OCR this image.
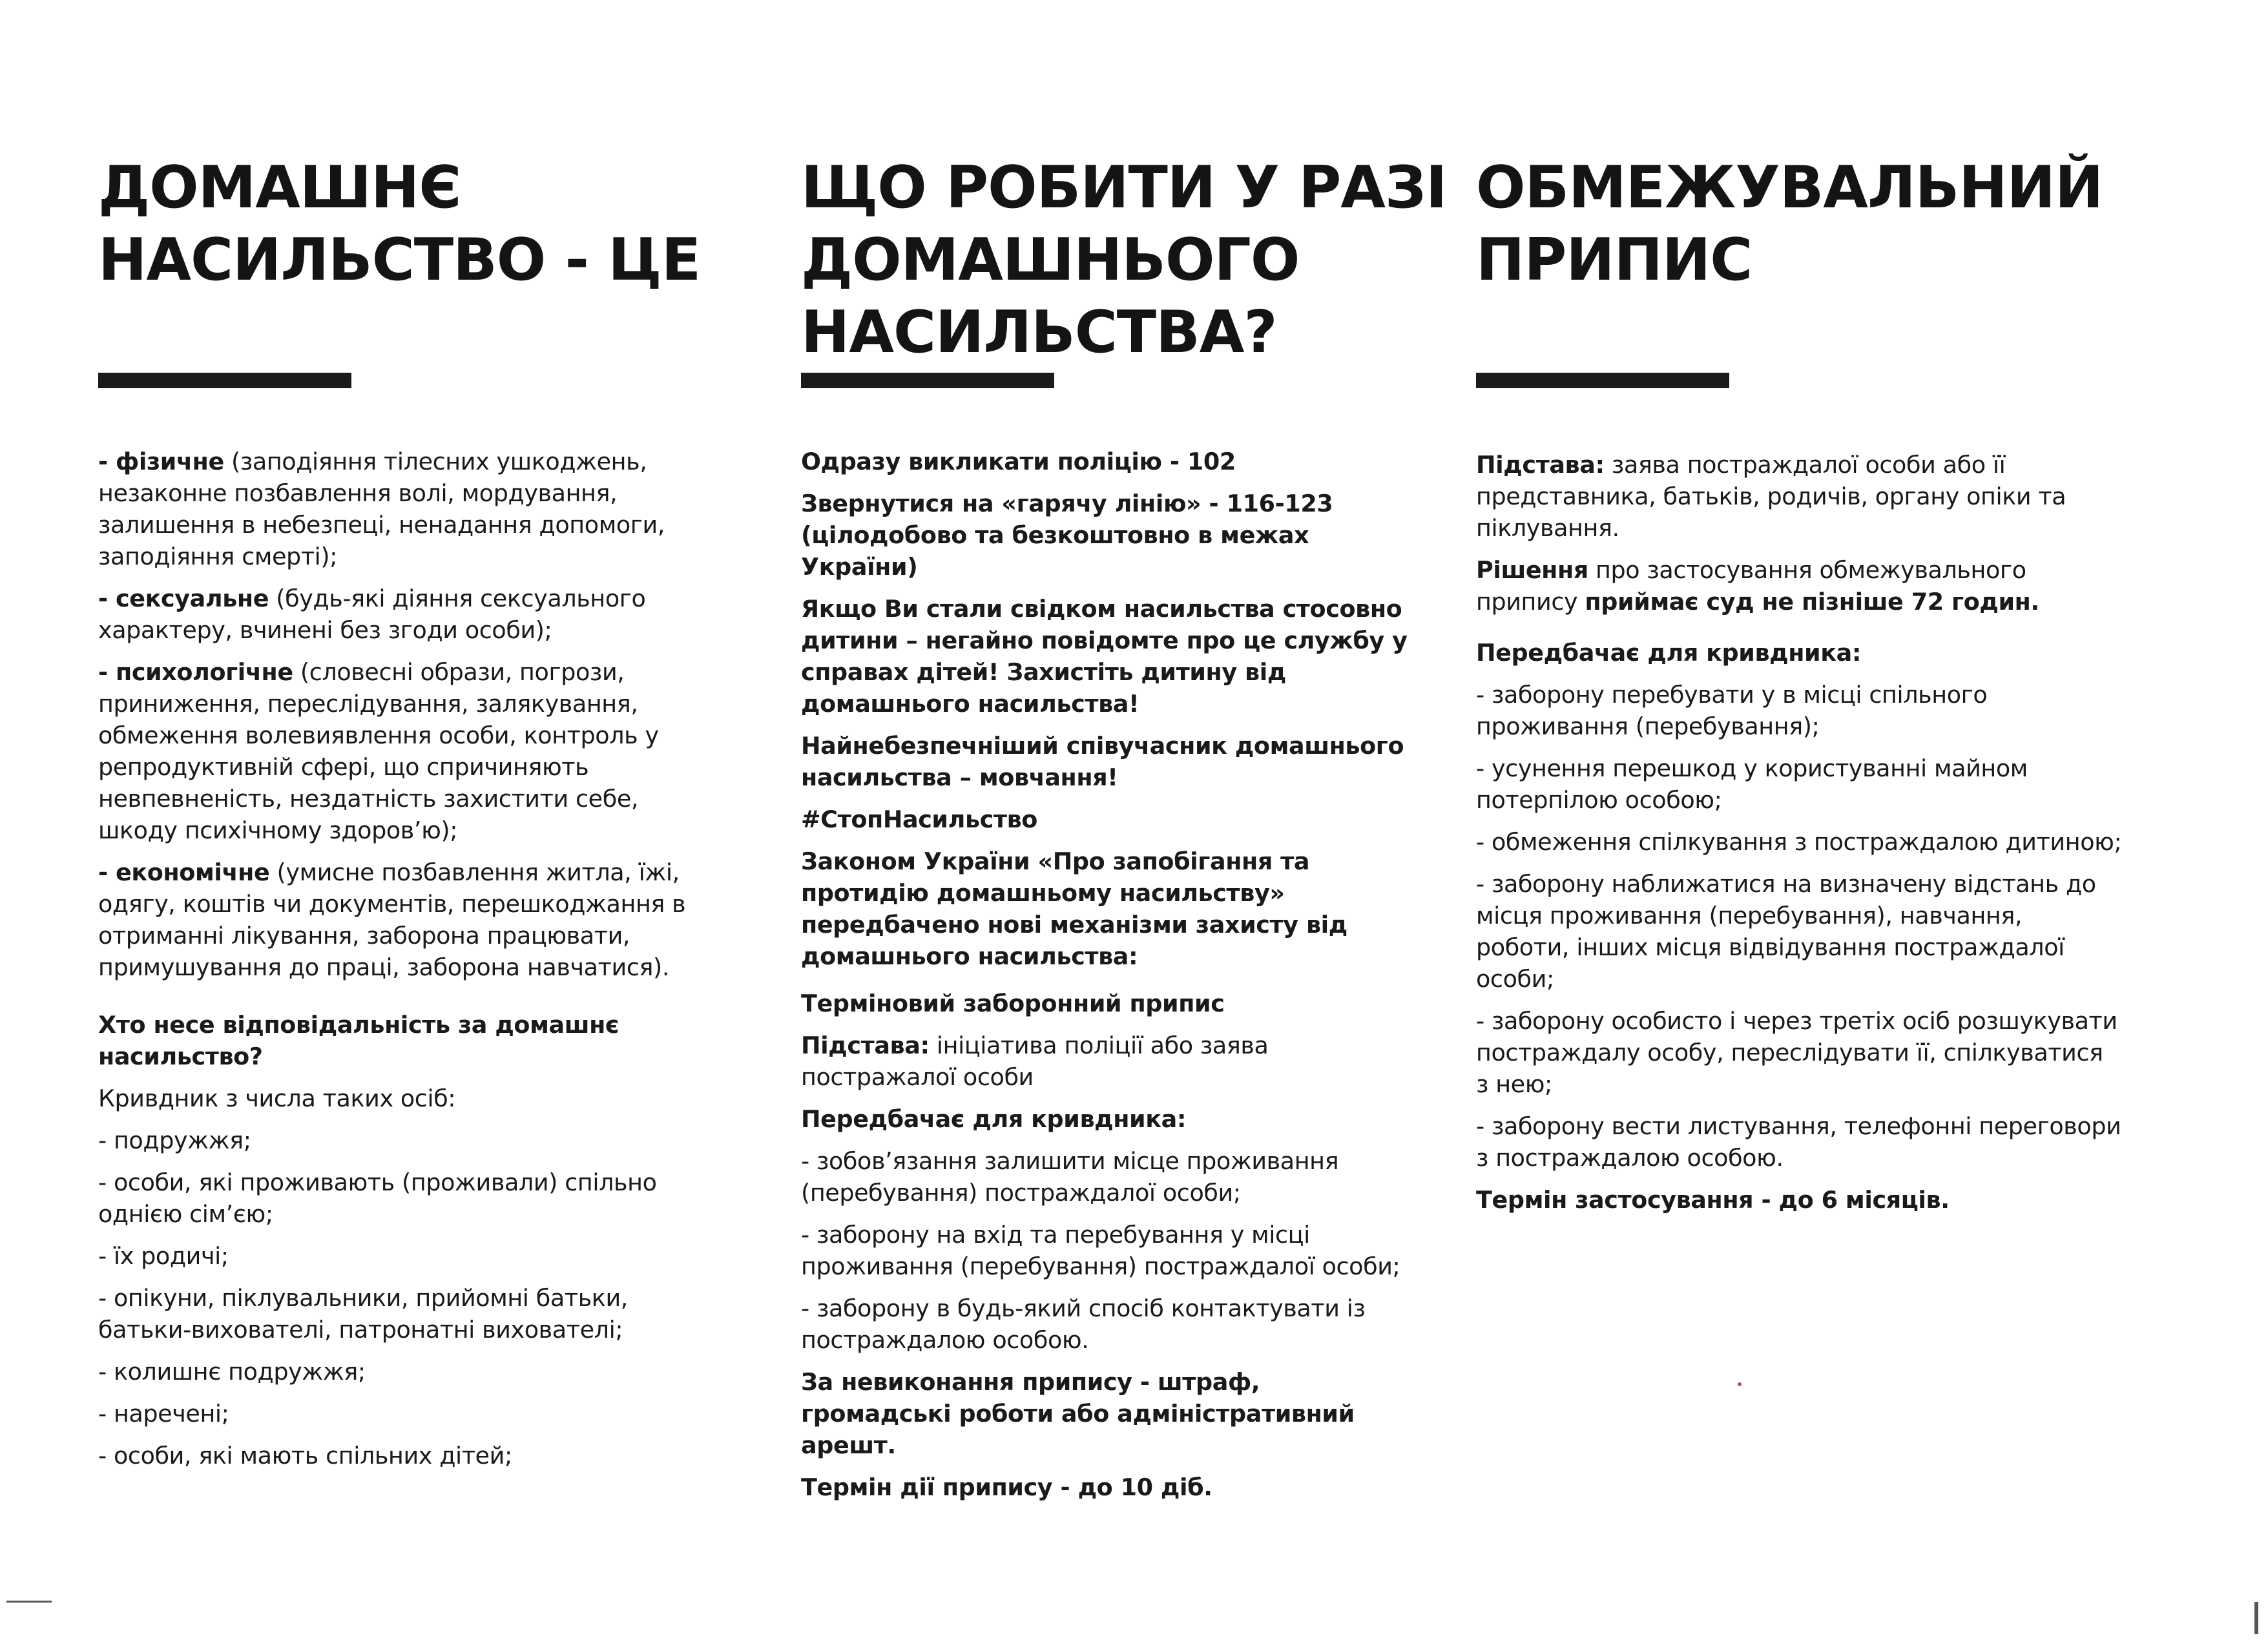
ДОМАШНЄ
НАСИЛЬСТВО - ЦЕ

- фізичне (заподіяння тілесних ушкоджень, незаконне позбавлення волі, мордування, залишення в небезпеці, ненадання допомоги, заподіяння смерті);

- сексуальне (будь-які діяння сексуального характеру, вчинені без згоди особи);

- психологічне (словесні образи, погрози, приниження, переслідування, залякування, обмеження волевиявлення особи, контроль у репродуктивній сфері, що спричиняють невпевненість, нездатність захистити себе, шкоду психічному здоров’ю);

- економічне (умисне позбавлення житла, їжі, одягу, коштів чи документів, перешкоджання в отриманні лікування, заборона працювати, примушування до праці, заборона навчатися).

Хто несе відповідальність за домашнє насильство?

Кривдник з числа таких осіб:

- подружжя;

- особи, які проживають (проживали) спільно однією сім’єю;

- їх родичі;

- опікуни, піклувальники, прийомні батьки, батьки-вихователі, патронатні вихователі;

- колишнє подружжя;

- наречені;

- особи, які мають спільних дітей;

ЩО РОБИТИ У РАЗІ
ДОМАШНЬОГО
НАСИЛЬСТВА?

Одразу викликати поліцію - 102

Звернутися на «гарячу лінію» - 116-123 (цілодобово та безкоштовно в межах України)

Якщо Ви стали свідком насильства стосовно дитини – негайно повідомте про це службу у справах дітей! Захистіть дитину від домашнього насильства!

Найнебезпечніший співучасник домашнього насильства – мовчання!

#СтопНасильство

Законом України «Про запобігання та протидію домашньому насильству» передбачено нові механізми захисту від домашнього насильства:

Терміновий заборонний припис

Підстава: ініціатива поліції або заява постражалої особи

Передбачає для кривдника:

- зобов’язання залишити місце проживання (перебування) постраждалої особи;

- заборону на вхід та перебування у місці проживання (перебування) постраждалої особи;

- заборону в будь-який спосіб контактувати із постраждалою особою.

За невиконання припису - штраф, громадські роботи або адміністративний арешт.

Термін дії припису - до 10 діб.

ОБМЕЖУВАЛЬНИЙ
ПРИПИС

Підстава: заява постраждалої особи або її представника, батьків, родичів, органу опіки та піклування.

Рішення про застосування обмежувального припису приймає суд не пізніше 72 годин.

Передбачає для кривдника:

- заборону перебувати у в місці спільного проживання (перебування);

- усунення перешкод у користуванні майном потерпілою особою;

- обмеження спілкування з постраждалою дитиною;

- заборону наближатися на визначену відстань до місця проживання (перебування), навчання, роботи, інших місця відвідування постраждалої особи;

- заборону особисто і через третіх осіб розшукувати постраждалу особу, переслідувати її, спілкуватися з нею;

- заборону вести листування, телефонні переговори з постраждалою особою.

Термін застосування - до 6 місяців.
